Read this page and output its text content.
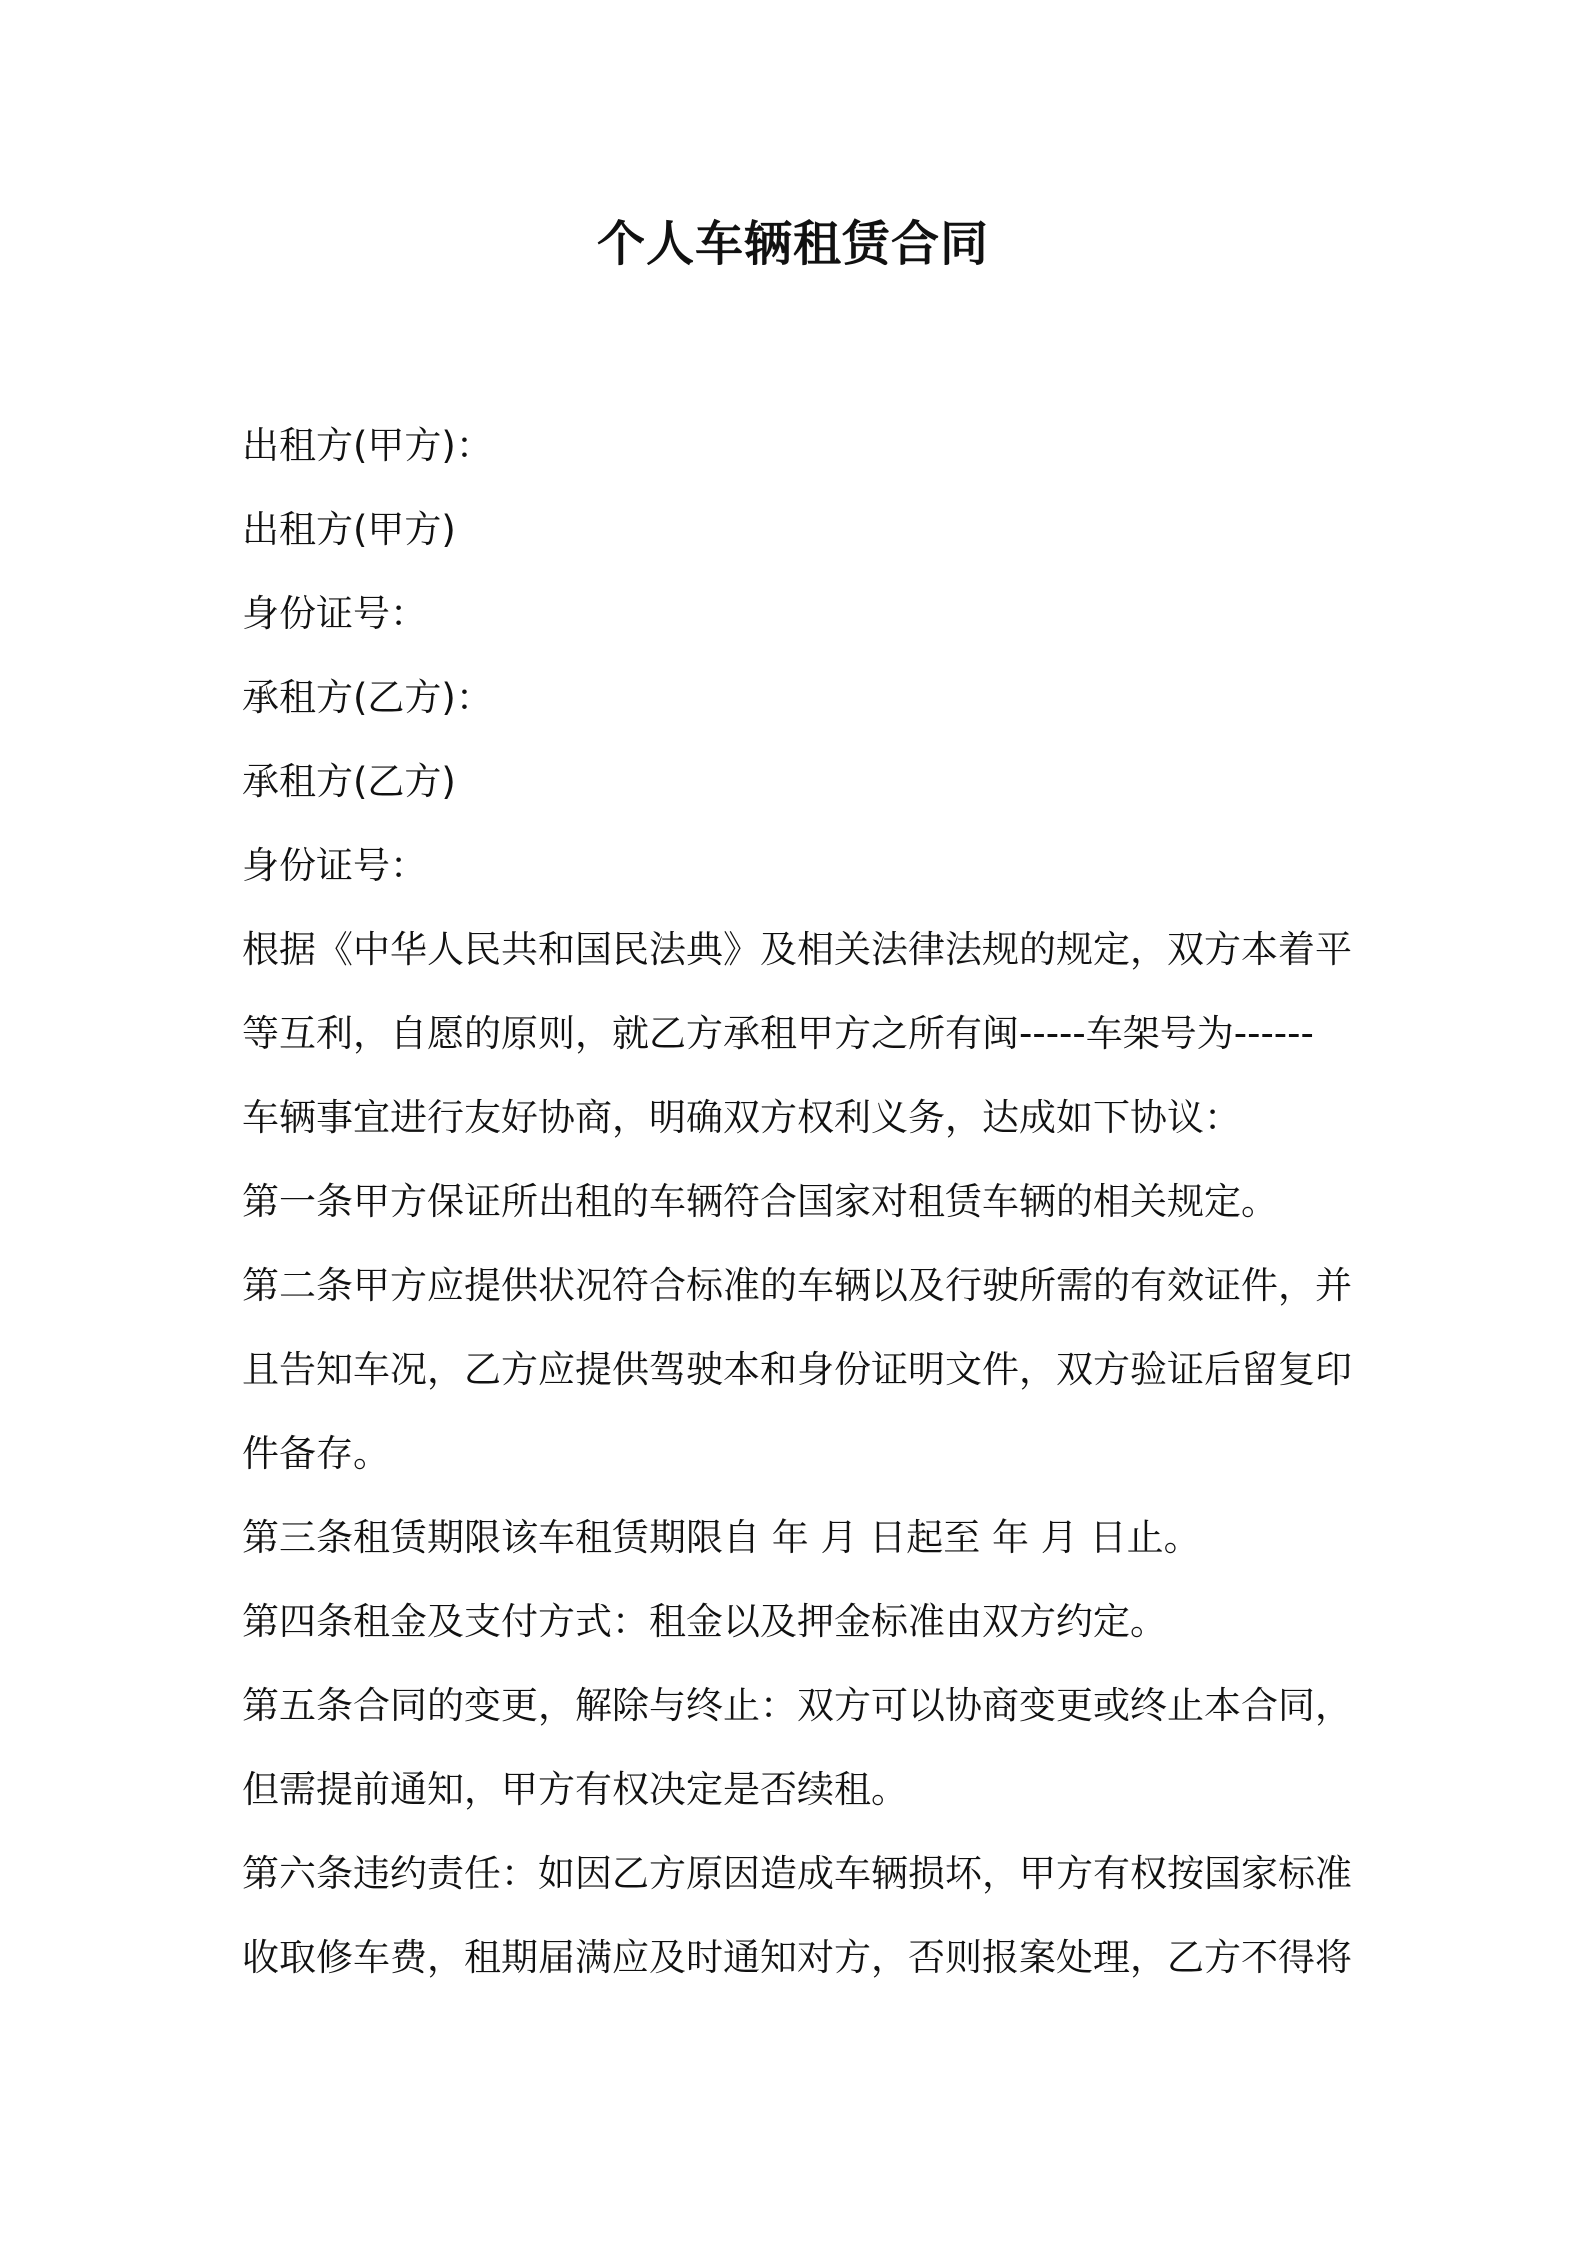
个人车辆租赁合同
出租方(甲方)：
出租方(甲方)
身份证号：
承租方(乙方)：
承租方(乙方)
身份证号：
根据《中华人民共和国民法典》及相关法律法规的规定，双方本着平
等互利，自愿的原则，就乙方承租甲方之所有闽-----车架号为------
车辆事宜进行友好协商，明确双方权利义务，达成如下协议：
第一条甲方保证所出租的车辆符合国家对租赁车辆的相关规定。
第二条甲方应提供状况符合标准的车辆以及行驶所需的有效证件，并
且告知车况，乙方应提供驾驶本和身份证明文件，双方验证后留复印
件备存。
第三条租赁期限该车租赁期限自 年 月 日起至 年 月 日止。
第四条租金及支付方式：租金以及押金标准由双方约定。
第五条合同的变更，解除与终止：双方可以协商变更或终止本合同，
但需提前通知，甲方有权决定是否续租。
第六条违约责任：如因乙方原因造成车辆损坏，甲方有权按国家标准
收取修车费，租期届满应及时通知对方，否则报案处理，乙方不得将
